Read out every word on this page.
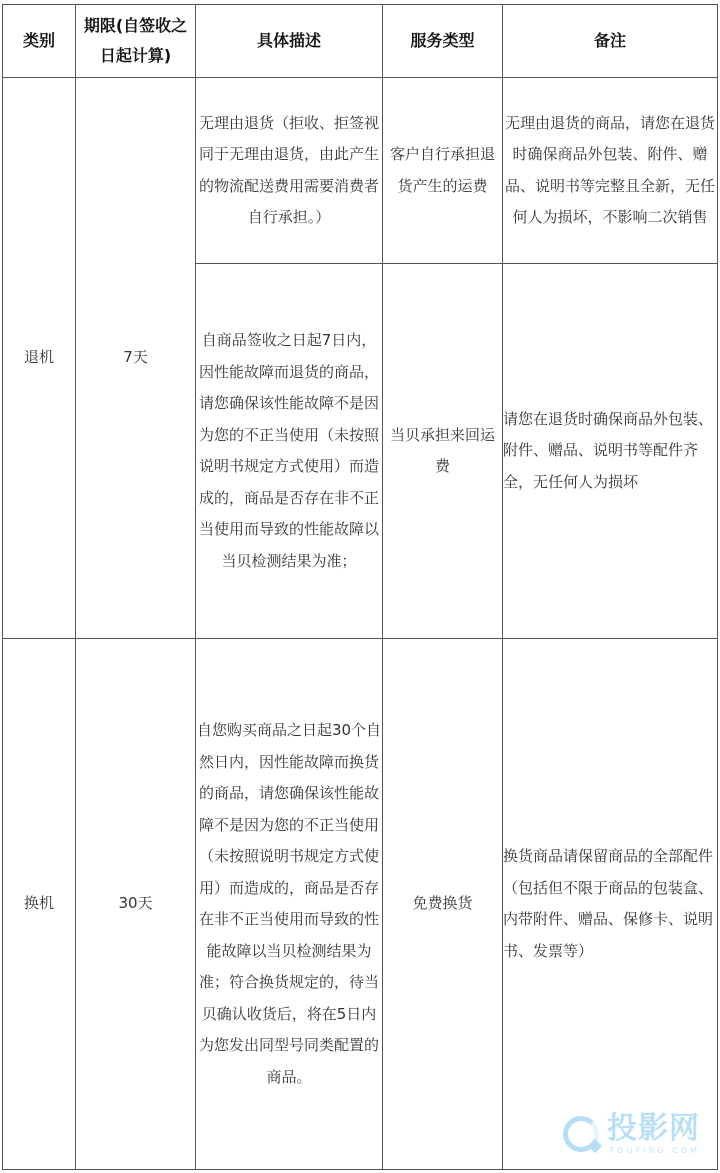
类别	期限(自签收之日起计算)	具体描述	服务类型	备注
退机	7天	无理由退货（拒收、拒签视同于无理由退货，由此产生的物流配送费用需要消费者自行承担。）	客户自行承担退货产生的运费	无理由退货的商品，请您在退货时确保商品外包装、附件、赠品、说明书等完整且全新，无任何人为损坏，不影响二次销售
		自商品签收之日起7日内，因性能故障而退货的商品，请您确保该性能故障不是因为您的不正当使用（未按照说明书规定方式使用）而造成的，商品是否存在非不正当使用而导致的性能故障以当贝检测结果为准；	当贝承担来回运费	请您在退货时确保商品外包装、附件、赠品、说明书等配件齐全，无任何人为损坏
换机	30天	自您购买商品之日起30个自然日内，因性能故障而换货的商品，请您确保该性能故障不是因为您的不正当使用（未按照说明书规定方式使用）而造成的，商品是否存在非不正当使用而导致的性能故障以当贝检测结果为准；符合换货规定的，待当贝确认收货后，将在5日内为您发出同型号同类配置的商品。	免费换货	换货商品请保留商品的全部配件（包括但不限于商品的包装盒、内带附件、赠品、保修卡、说明书、发票等）
投影网
TOUYING.COM
